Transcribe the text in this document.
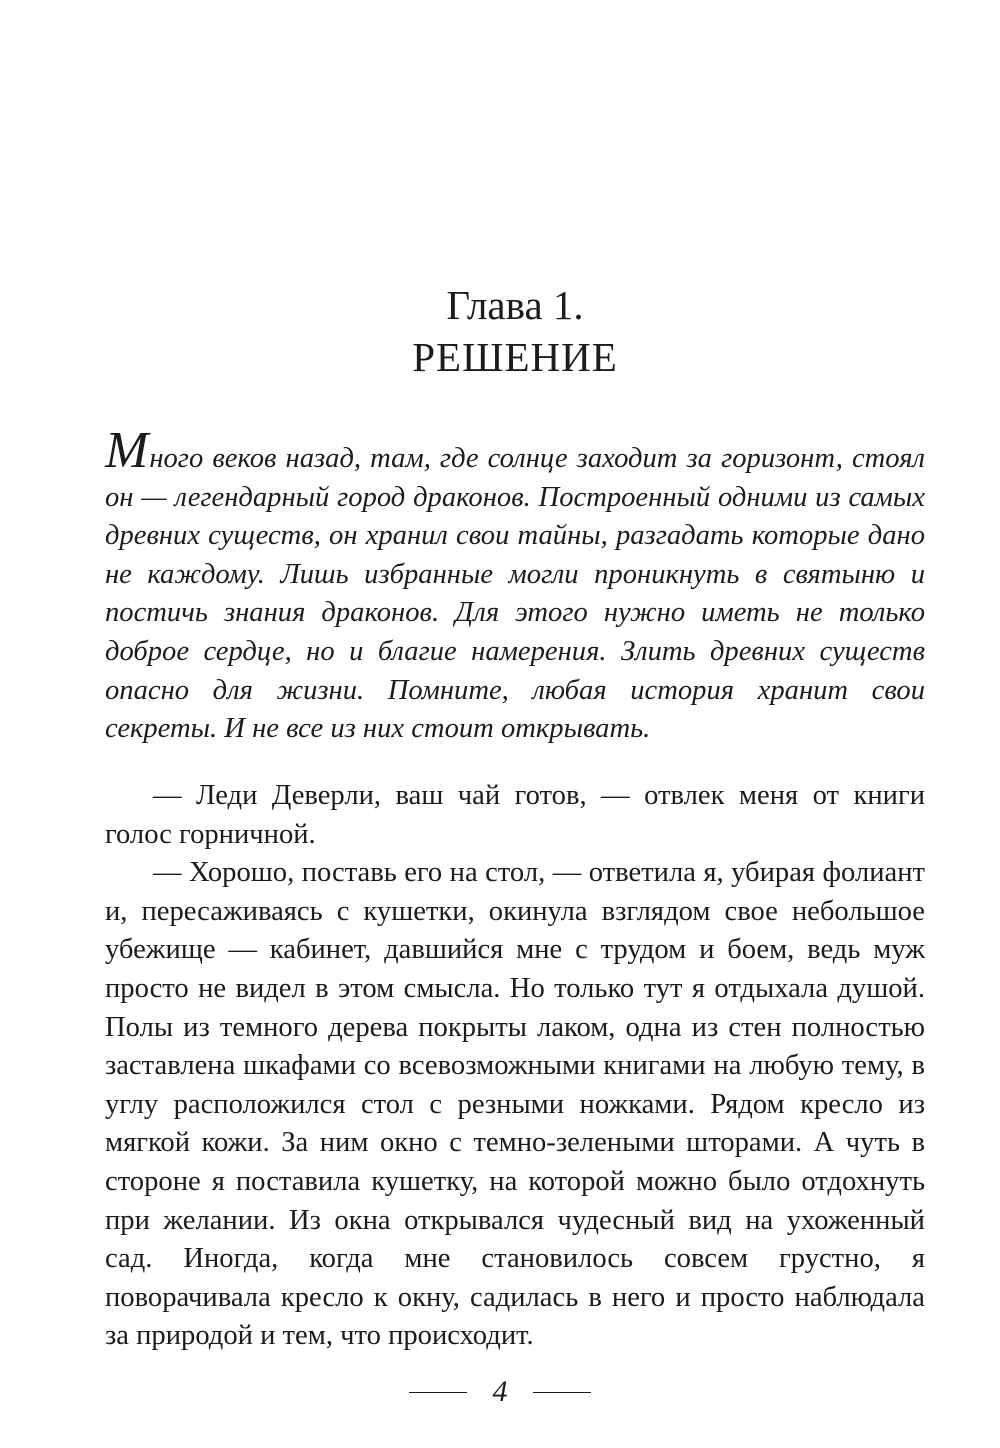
Глава 1.
РЕШЕНИЕ
Много веков назад, там, где солнце заходит за горизонт, стоял он — легендарный город драконов. Построенный одними из самых древних существ, он хранил свои тайны, разгадать которые дано не каждому. Лишь избранные могли проникнуть в святыню и постичь знания драконов. Для этого нужно иметь не только доброе сердце, но и благие намерения. Злить древних существ опасно для жизни. Помните, любая история хранит свои секреты. И не все из них стоит открывать.

— Леди Деверли, ваш чай готов, — отвлек меня от книги голос горничной.

— Хорошо, поставь его на стол, — ответила я, убирая фолиант и, пересаживаясь с кушетки, окинула взглядом свое небольшое убежище — кабинет, давшийся мне с трудом и боем, ведь муж просто не видел в этом смысла. Но только тут я отдыхала душой. Полы из темного дерева покрыты лаком, одна из стен полностью заставлена шкафами со всевозможными книгами на любую тему, в углу расположился стол с резными ножками. Рядом кресло из мягкой кожи. За ним окно с темно-зелеными шторами. А чуть в стороне я поставила кушетку, на которой можно было отдохнуть при желании. Из окна открывался чудесный вид на ухоженный сад. Иногда, когда мне становилось совсем грустно, я поворачивала кресло к окну, садилась в него и просто наблюдала за природой и тем, что происходит.

4
